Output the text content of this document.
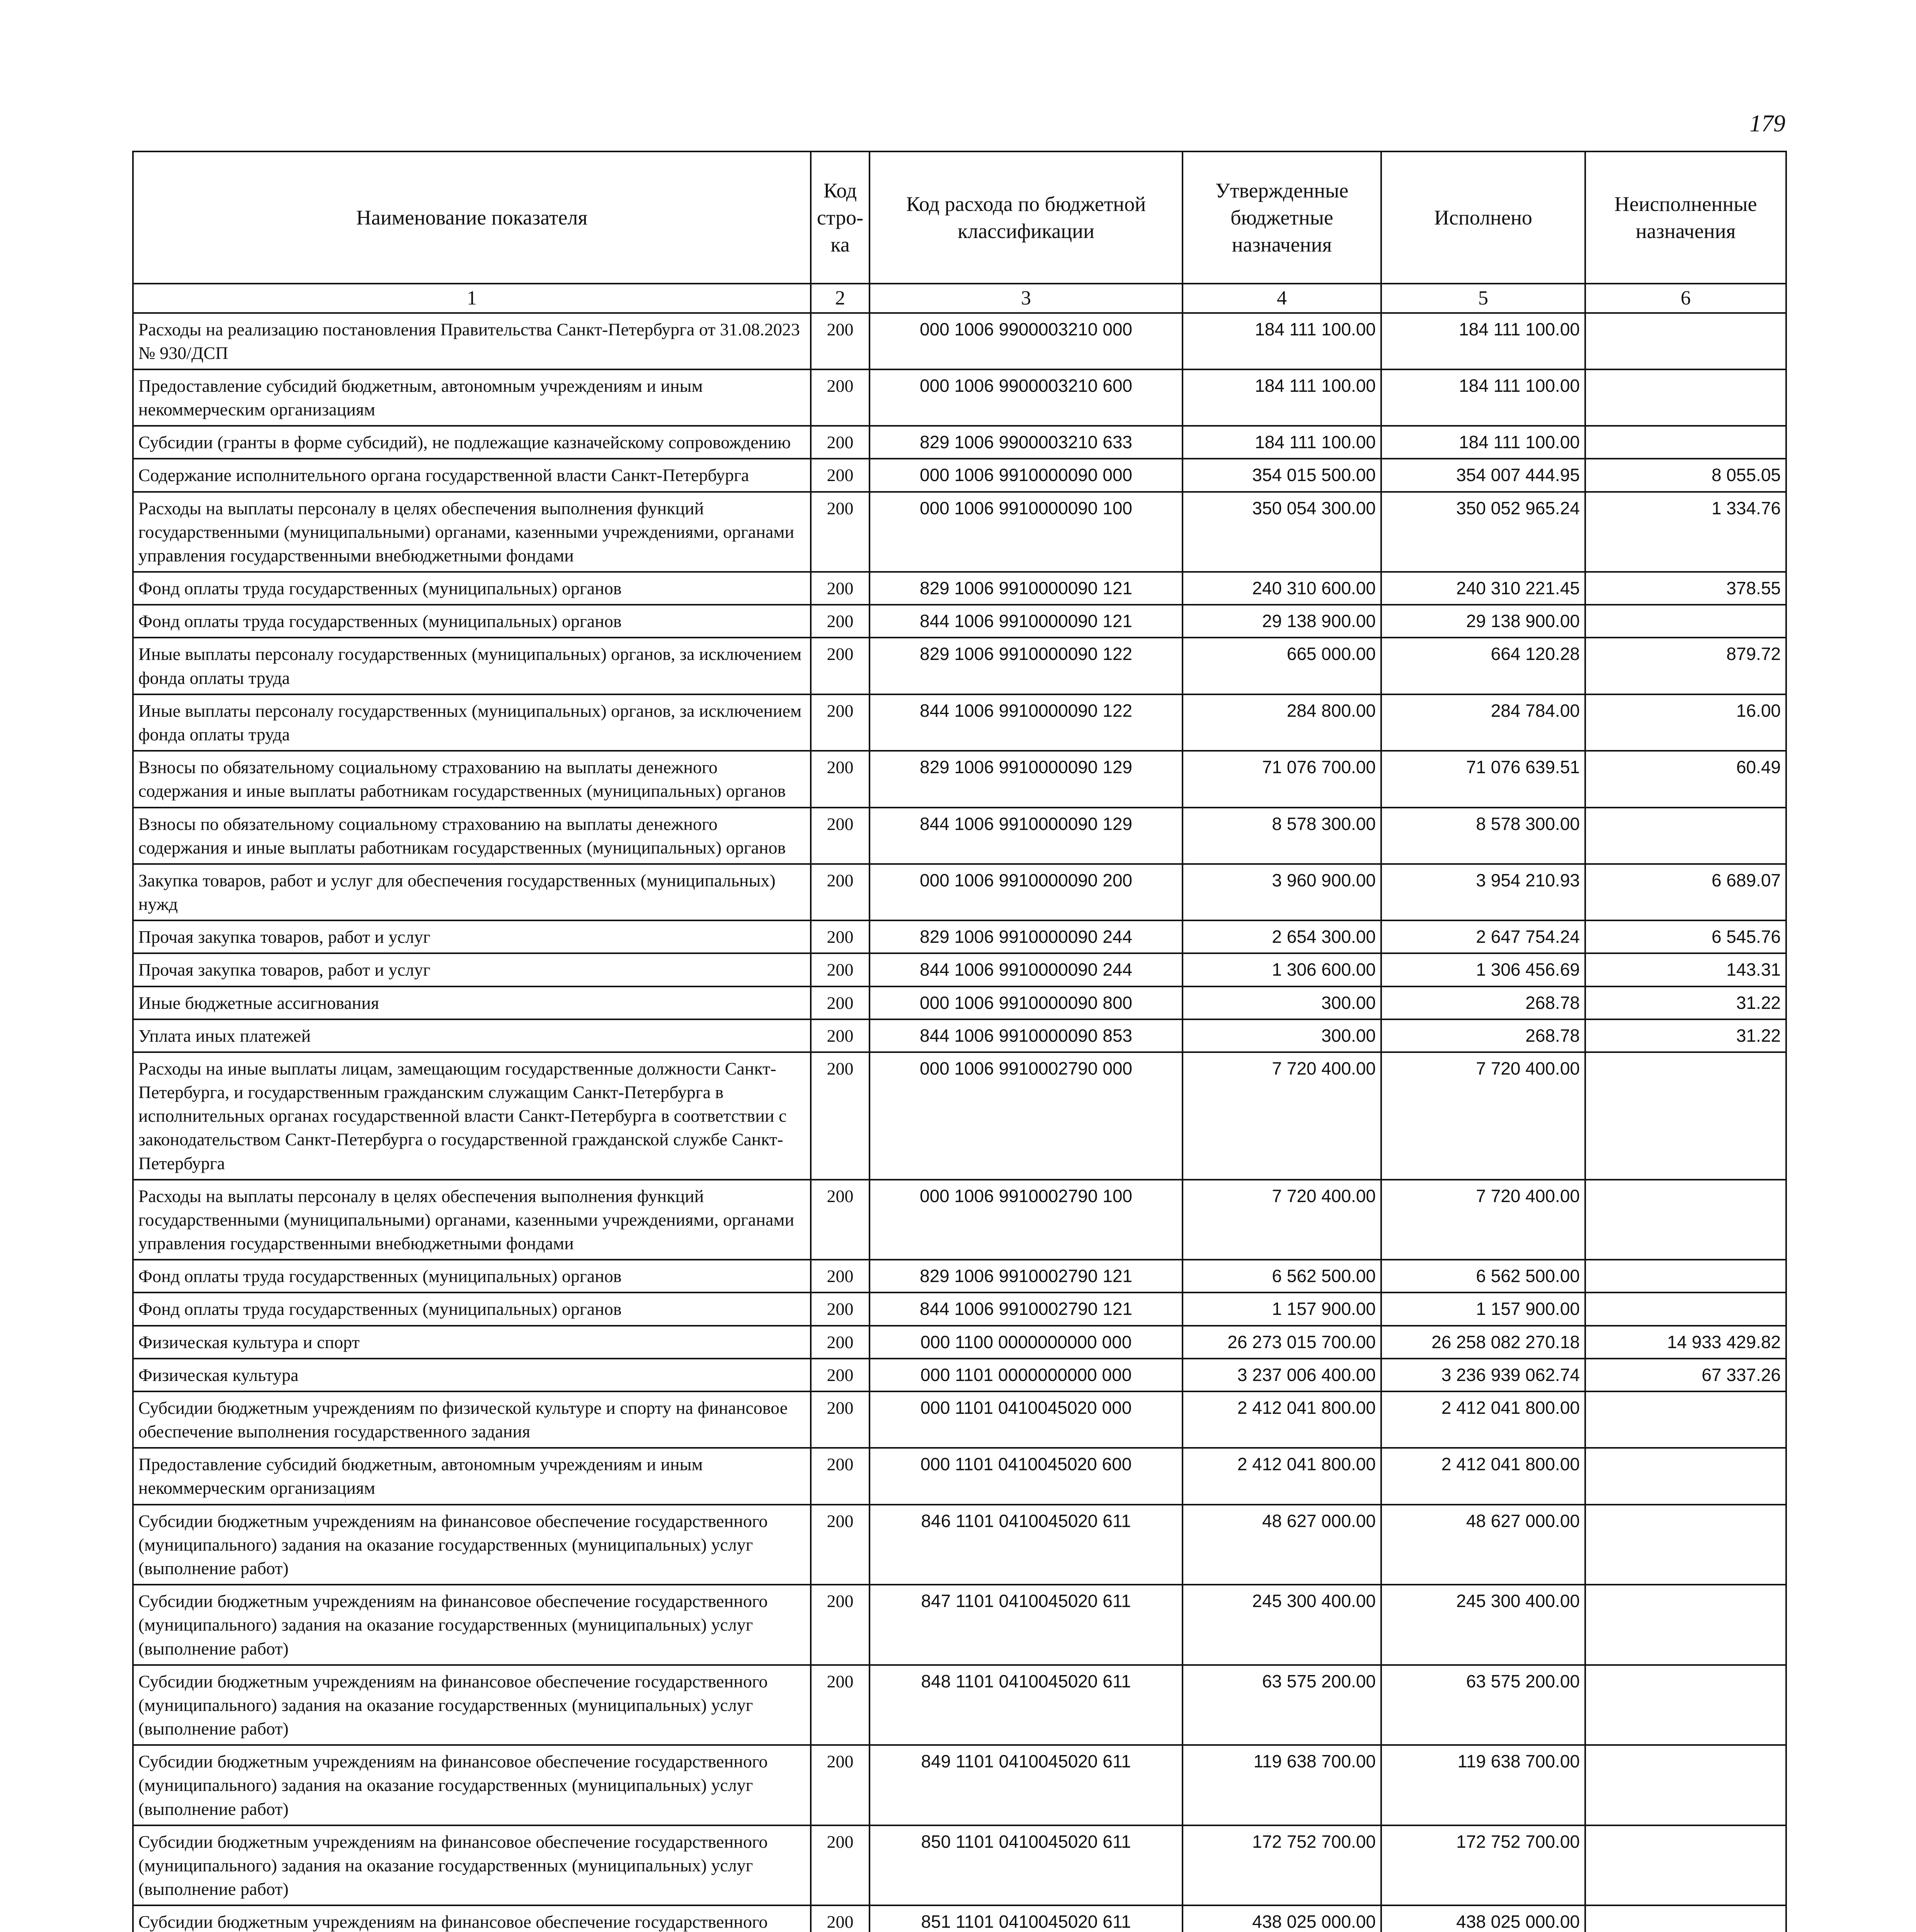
179
Наименование показателя	Код стро-ка	Код расхода по бюджетной классификации	Утвержденные бюджетные назначения	Исполнено	Неисполненные назначения
1	2	3	4	5	6
Расходы на реализацию постановления Правительства Санкт-Петербурга от 31.08.2023 № 930/ДСП	200	000 1006 9900003210 000	184 111 100.00	184 111 100.00	
Предоставление субсидий бюджетным, автономным учреждениям и иным некоммерческим организациям	200	000 1006 9900003210 600	184 111 100.00	184 111 100.00	
Субсидии (гранты в форме субсидий), не подлежащие казначейскому сопровождению	200	829 1006 9900003210 633	184 111 100.00	184 111 100.00	
Содержание исполнительного органа государственной власти Санкт-Петербурга	200	000 1006 9910000090 000	354 015 500.00	354 007 444.95	8 055.05
Расходы на выплаты персоналу в целях обеспечения выполнения функций государственными (муниципальными) органами, казенными учреждениями, органами управления государственными внебюджетными фондами	200	000 1006 9910000090 100	350 054 300.00	350 052 965.24	1 334.76
Фонд оплаты труда государственных (муниципальных) органов	200	829 1006 9910000090 121	240 310 600.00	240 310 221.45	378.55
Фонд оплаты труда государственных (муниципальных) органов	200	844 1006 9910000090 121	29 138 900.00	29 138 900.00	
Иные выплаты персоналу государственных (муниципальных) органов, за исключением фонда оплаты труда	200	829 1006 9910000090 122	665 000.00	664 120.28	879.72
Иные выплаты персоналу государственных (муниципальных) органов, за исключением фонда оплаты труда	200	844 1006 9910000090 122	284 800.00	284 784.00	16.00
Взносы по обязательному социальному страхованию на выплаты денежного содержания и иные выплаты работникам государственных (муниципальных) органов	200	829 1006 9910000090 129	71 076 700.00	71 076 639.51	60.49
Взносы по обязательному социальному страхованию на выплаты денежного содержания и иные выплаты работникам государственных (муниципальных) органов	200	844 1006 9910000090 129	8 578 300.00	8 578 300.00	
Закупка товаров, работ и услуг для обеспечения государственных (муниципальных) нужд	200	000 1006 9910000090 200	3 960 900.00	3 954 210.93	6 689.07
Прочая закупка товаров, работ и услуг	200	829 1006 9910000090 244	2 654 300.00	2 647 754.24	6 545.76
Прочая закупка товаров, работ и услуг	200	844 1006 9910000090 244	1 306 600.00	1 306 456.69	143.31
Иные бюджетные ассигнования	200	000 1006 9910000090 800	300.00	268.78	31.22
Уплата иных платежей	200	844 1006 9910000090 853	300.00	268.78	31.22
Расходы на иные выплаты лицам, замещающим государственные должности Санкт-Петербурга, и государственным гражданским служащим Санкт-Петербурга в исполнительных органах государственной власти Санкт-Петербурга в соответствии с законодательством Санкт-Петербурга о государственной гражданской службе Санкт-Петербурга	200	000 1006 9910002790 000	7 720 400.00	7 720 400.00	
Расходы на выплаты персоналу в целях обеспечения выполнения функций государственными (муниципальными) органами, казенными учреждениями, органами управления государственными внебюджетными фондами	200	000 1006 9910002790 100	7 720 400.00	7 720 400.00	
Фонд оплаты труда государственных (муниципальных) органов	200	829 1006 9910002790 121	6 562 500.00	6 562 500.00	
Фонд оплаты труда государственных (муниципальных) органов	200	844 1006 9910002790 121	1 157 900.00	1 157 900.00	
Физическая культура и спорт	200	000 1100 0000000000 000	26 273 015 700.00	26 258 082 270.18	14 933 429.82
Физическая культура	200	000 1101 0000000000 000	3 237 006 400.00	3 236 939 062.74	67 337.26
Субсидии бюджетным учреждениям по физической культуре и спорту на финансовое обеспечение выполнения государственного задания	200	000 1101 0410045020 000	2 412 041 800.00	2 412 041 800.00	
Предоставление субсидий бюджетным, автономным учреждениям и иным некоммерческим организациям	200	000 1101 0410045020 600	2 412 041 800.00	2 412 041 800.00	
Субсидии бюджетным учреждениям на финансовое обеспечение государственного (муниципального) задания на оказание государственных (муниципальных) услуг (выполнение работ)	200	846 1101 0410045020 611	48 627 000.00	48 627 000.00	
Субсидии бюджетным учреждениям на финансовое обеспечение государственного (муниципального) задания на оказание государственных (муниципальных) услуг (выполнение работ)	200	847 1101 0410045020 611	245 300 400.00	245 300 400.00	
Субсидии бюджетным учреждениям на финансовое обеспечение государственного (муниципального) задания на оказание государственных (муниципальных) услуг (выполнение работ)	200	848 1101 0410045020 611	63 575 200.00	63 575 200.00	
Субсидии бюджетным учреждениям на финансовое обеспечение государственного (муниципального) задания на оказание государственных (муниципальных) услуг (выполнение работ)	200	849 1101 0410045020 611	119 638 700.00	119 638 700.00	
Субсидии бюджетным учреждениям на финансовое обеспечение государственного (муниципального) задания на оказание государственных (муниципальных) услуг (выполнение работ)	200	850 1101 0410045020 611	172 752 700.00	172 752 700.00	
Субсидии бюджетным учреждениям на финансовое обеспечение государственного	200	851 1101 0410045020 611	438 025 000.00	438 025 000.00	
